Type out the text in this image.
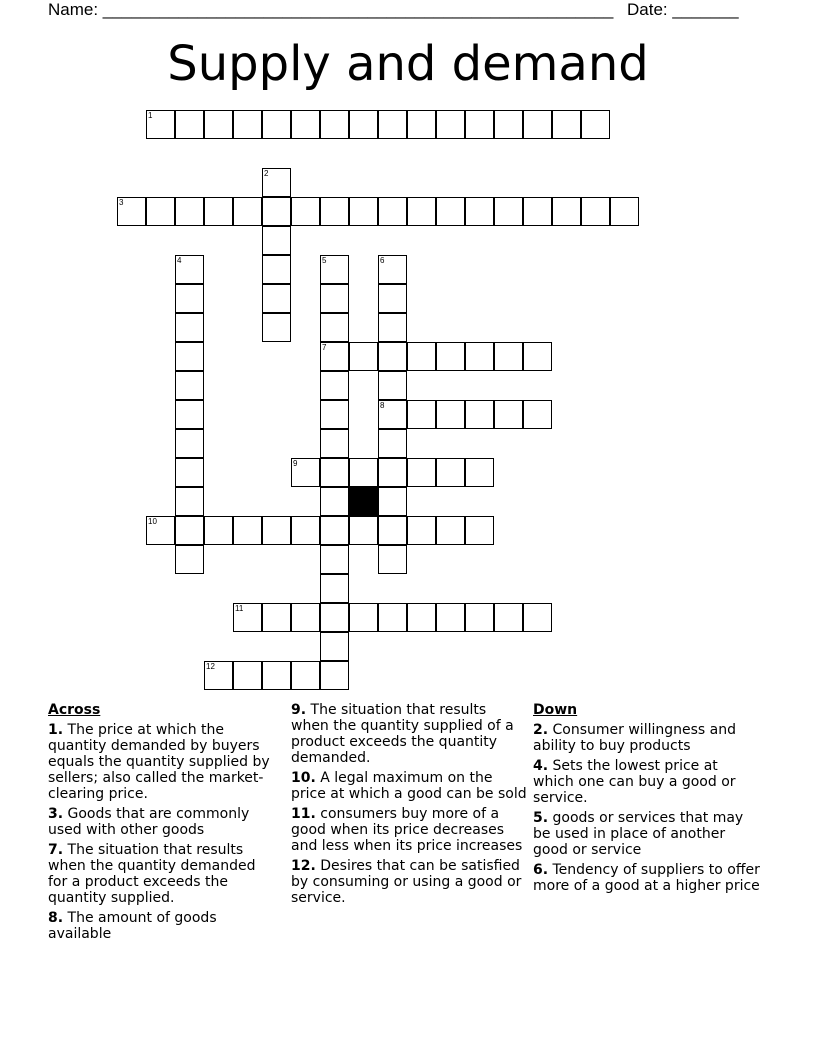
Name: ______________________________________________________ Date: _______
Supply and demand
1
2
3
4	5
7
6
8
9
10
11
12
Across
1. The price at which the quantity demanded by buyers equals the quantity supplied by sellers; also called the market-clearing price.
3. Goods that are commonly used with other goods
7. The situation that results when the quantity demanded for a product exceeds the quantity supplied.
8. The amount of goods available
9. The situation that results when the quantity supplied of a product exceeds the quantity demanded.
10. A legal maximum on the price at which a good can be sold
11. consumers buy more of a good when its price decreases and less when its price increases
12. Desires that can be satisfied by consuming or using a good or service.
Down
2. Consumer willingness and ability to buy products
4. Sets the lowest price at which one can buy a good or service.
5. goods or services that may be used in place of another good or service
6. Tendency of suppliers to offer more of a good at a higher price
